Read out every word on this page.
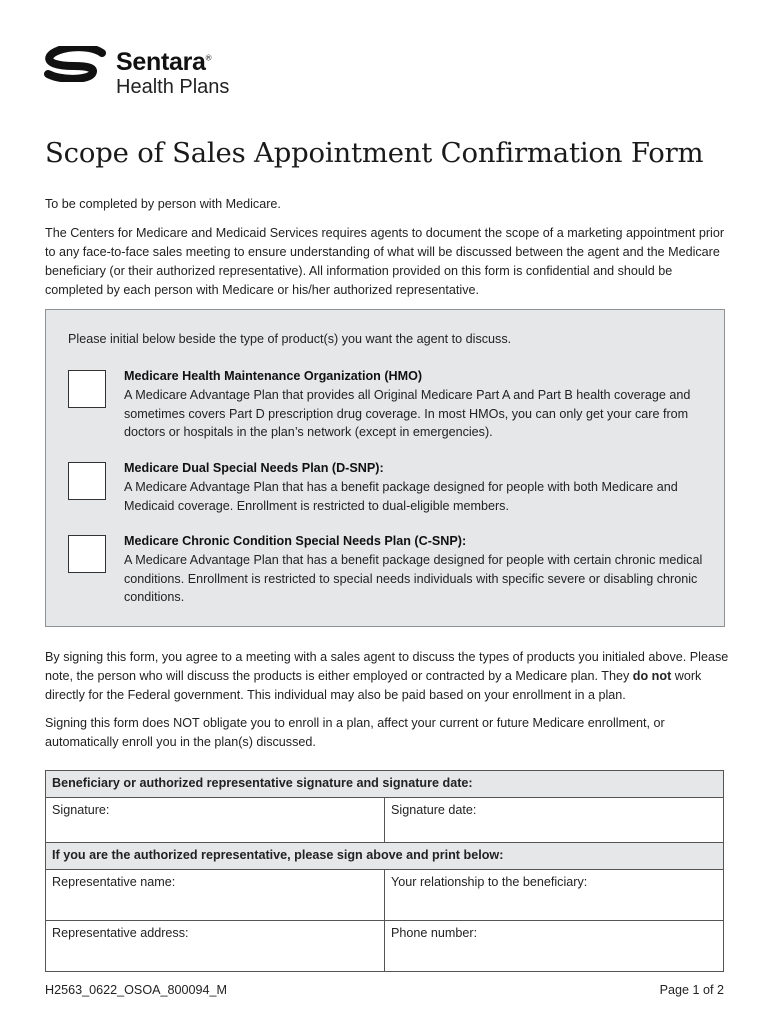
Sentara®
Health Plans
Scope of Sales Appointment Confirmation Form

To be completed by person with Medicare.

The Centers for Medicare and Medicaid Services requires agents to document the scope of a marketing appointment prior to any face-to-face sales meeting to ensure understanding of what will be discussed between the agent and the Medicare beneficiary (or their authorized representative). All information provided on this form is confidential and should be completed by each person with Medicare or his/her authorized representative.

Please initial below beside the type of product(s) you want the agent to discuss.
Medicare Health Maintenance Organization (HMO)
A Medicare Advantage Plan that provides all Original Medicare Part A and Part B health coverage and sometimes covers Part D prescription drug coverage. In most HMOs, you can only get your care from doctors or hospitals in the plan’s network (except in emergencies).
Medicare Dual Special Needs Plan (D-SNP):
A Medicare Advantage Plan that has a benefit package designed for people with both Medicare and Medicaid coverage. Enrollment is restricted to dual-eligible members.
Medicare Chronic Condition Special Needs Plan (C-SNP):
A Medicare Advantage Plan that has a benefit package designed for people with certain chronic medical conditions. Enrollment is restricted to special needs individuals with specific severe or disabling chronic conditions.

By signing this form, you agree to a meeting with a sales agent to discuss the types of products you initialed above. Please note, the person who will discuss the products is either employed or contracted by a Medicare plan. They do not work directly for the Federal government. This individual may also be paid based on your enrollment in a plan.

Signing this form does NOT obligate you to enroll in a plan, affect your current or future Medicare enrollment, or automatically enroll you in the plan(s) discussed.

Beneficiary or authorized representative signature and signature date:	
Signature:	Signature date:
If you are the authorized representative, please sign above and print below:	
Representative name:	Your relationship to the beneficiary:
Representative address:	Phone number:
H2563_0622_OSOA_800094_M	Page 1 of 2
